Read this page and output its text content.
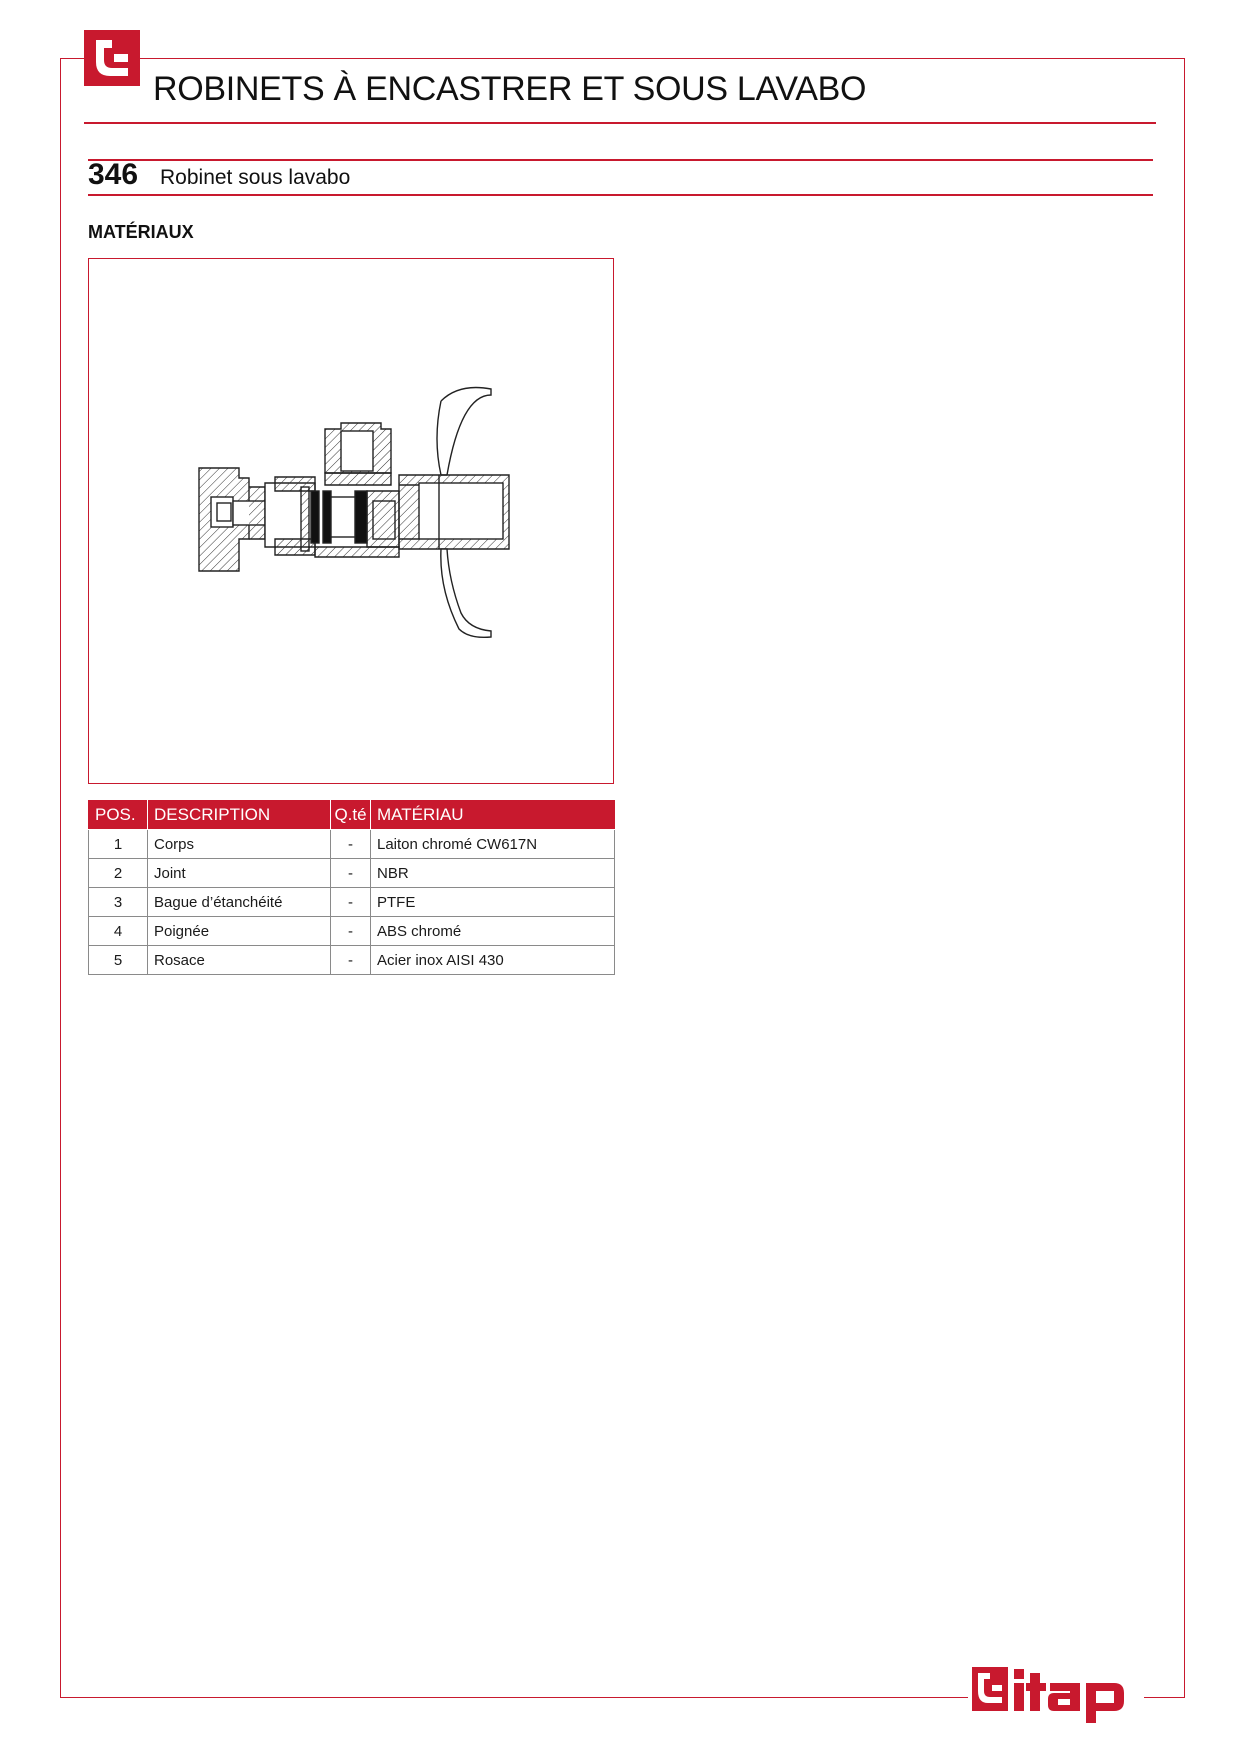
ROBINETS À ENCASTRER ET SOUS LAVABO
346 Robinet sous lavabo
MATÉRIAUX
POS.	DESCRIPTION	Q.té	MATÉRIAU
1	Corps	-	Laiton chromé CW617N
2	Joint	-	NBR
3	Bague d’étanchéité	-	PTFE
4	Poignée	-	ABS chromé
5	Rosace	-	Acier inox AISI 430
